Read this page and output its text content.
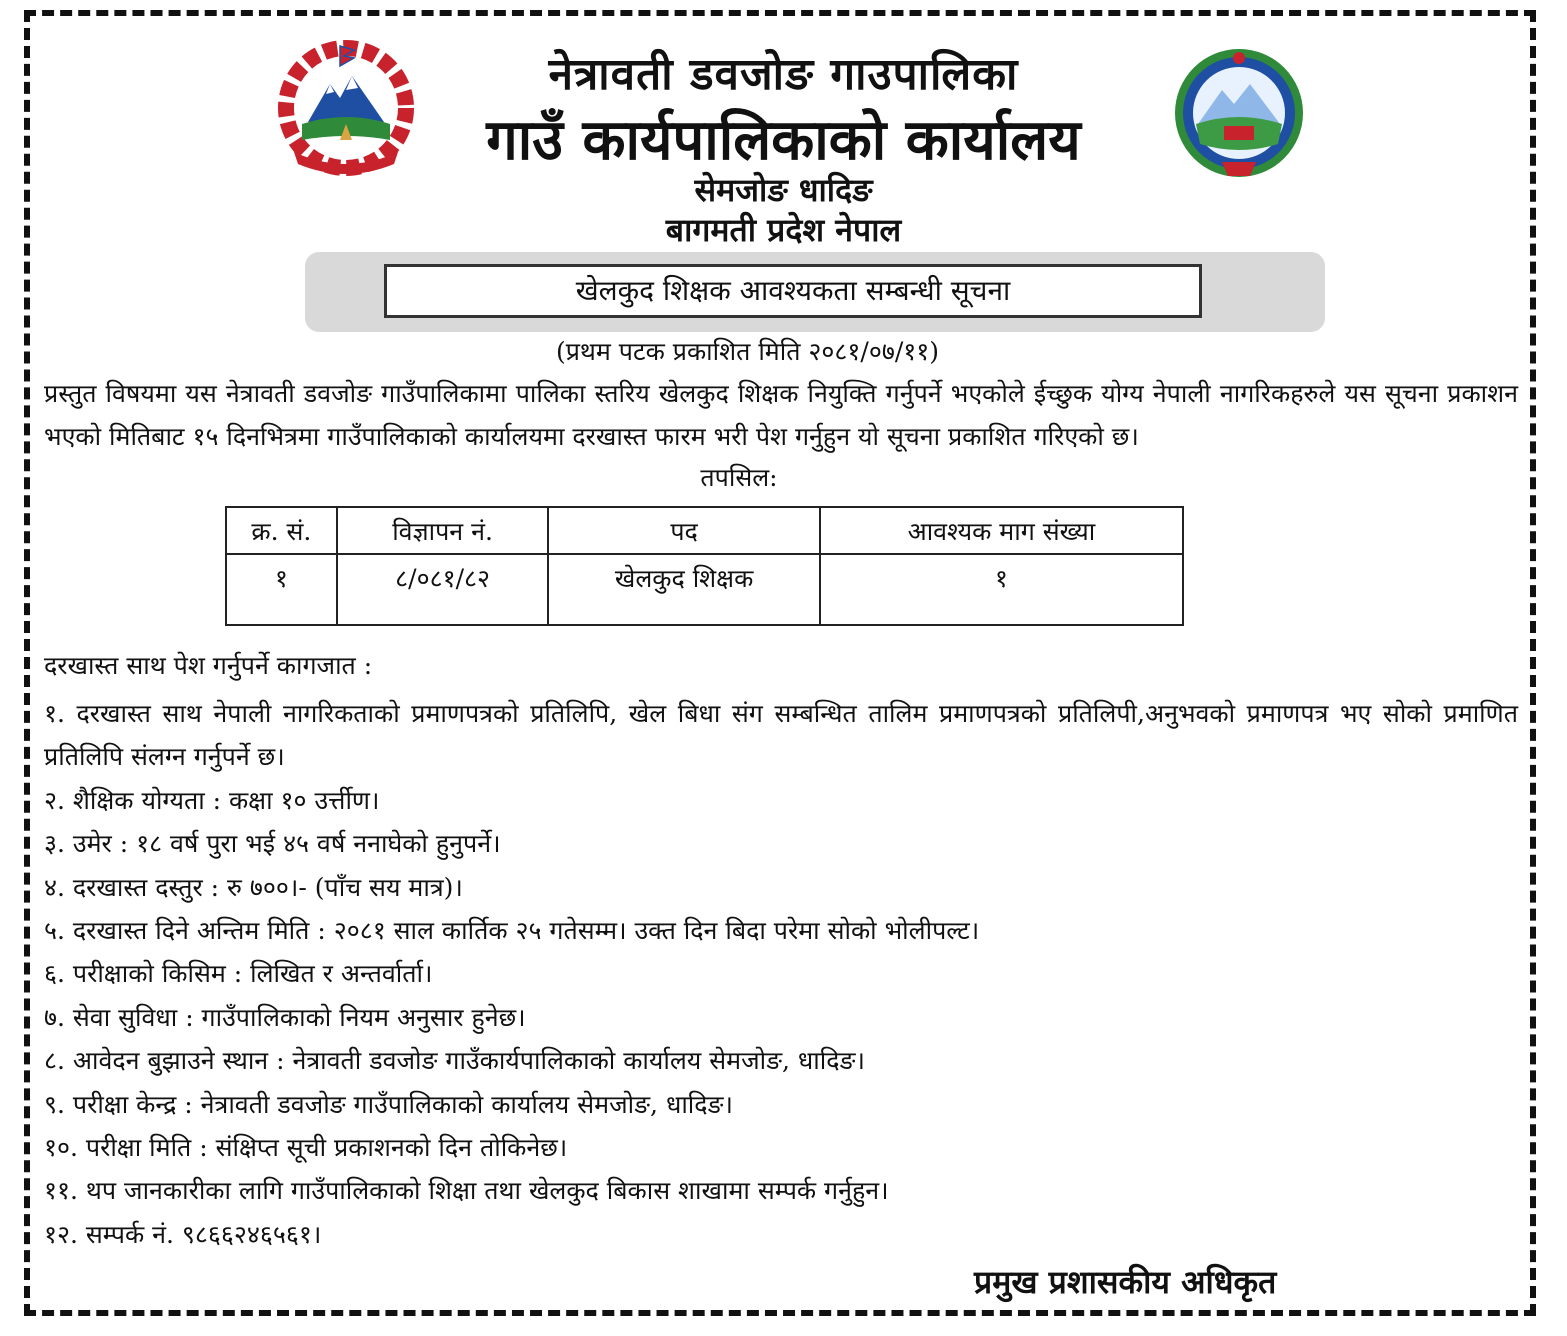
नेत्रावती डवजोङ गाउपालिका
गाउँ कार्यपालिकाको कार्यालय
सेमजोङ धादिङ
बागमती प्रदेश नेपाल
खेलकुद शिक्षक आवश्यकता सम्बन्धी सूचना
(प्रथम पटक प्रकाशित मिति २०८१/०७/११)
प्रस्तुत विषयमा यस नेत्रावती डवजोङ गाउँपालिकामा पालिका स्तरिय खेलकुद शिक्षक नियुक्ति गर्नुपर्ने भएकोले ईच्छुक योग्य नेपाली नागरिकहरुले यस सूचना प्रकाशन भएको मितिबाट १५ दिनभित्रमा गाउँपालिकाको कार्यालयमा दरखास्त फारम भरी पेश गर्नुहुन यो सूचना प्रकाशित गरिएको छ।
तपसिल:
क्र. सं.	विज्ञापन नं.	पद	आवश्यक माग संख्या
१	८/०८१/८२	खेलकुद शिक्षक	१
दरखास्त साथ पेश गर्नुपर्ने कागजात :
१. दरखास्त साथ नेपाली नागरिकताको प्रमाणपत्रको प्रतिलिपि, खेल बिधा संग सम्बन्धित तालिम प्रमाणपत्रको प्रतिलिपी,अनुभवको प्रमाणपत्र भए सोको प्रमाणित प्रतिलिपि संलग्न गर्नुपर्ने छ।
२. शैक्षिक योग्यता : कक्षा १० उर्त्तीण।
३. उमेर : १८ वर्ष पुरा भई ४५ वर्ष ननाघेको हुनुपर्ने।
४. दरखास्त दस्तुर : रु ७००।- (पाँच सय मात्र)।
५. दरखास्त दिने अन्तिम मिति : २०८१ साल कार्तिक २५ गतेसम्म। उक्त दिन बिदा परेमा सोको भोलीपल्ट।
६. परीक्षाको किसिम : लिखित र अन्तर्वार्ता।
७. सेवा सुविधा : गाउँपालिकाको नियम अनुसार हुनेछ।
८. आवेदन बुझाउने स्थान : नेत्रावती डवजोङ गाउँकार्यपालिकाको कार्यालय सेमजोङ, धादिङ।
९. परीक्षा केन्द्र : नेत्रावती डवजोङ गाउँपालिकाको कार्यालय सेमजोङ, धादिङ।
१०. परीक्षा मिति : संक्षिप्त सूची प्रकाशनको दिन तोकिनेछ।
११. थप जानकारीका लागि गाउँपालिकाको शिक्षा तथा खेलकुद बिकास शाखामा सम्पर्क गर्नुहुन।
१२. सम्पर्क नं. ९८६६२४६५६१।
प्रमुख प्रशासकीय अधिकृत
